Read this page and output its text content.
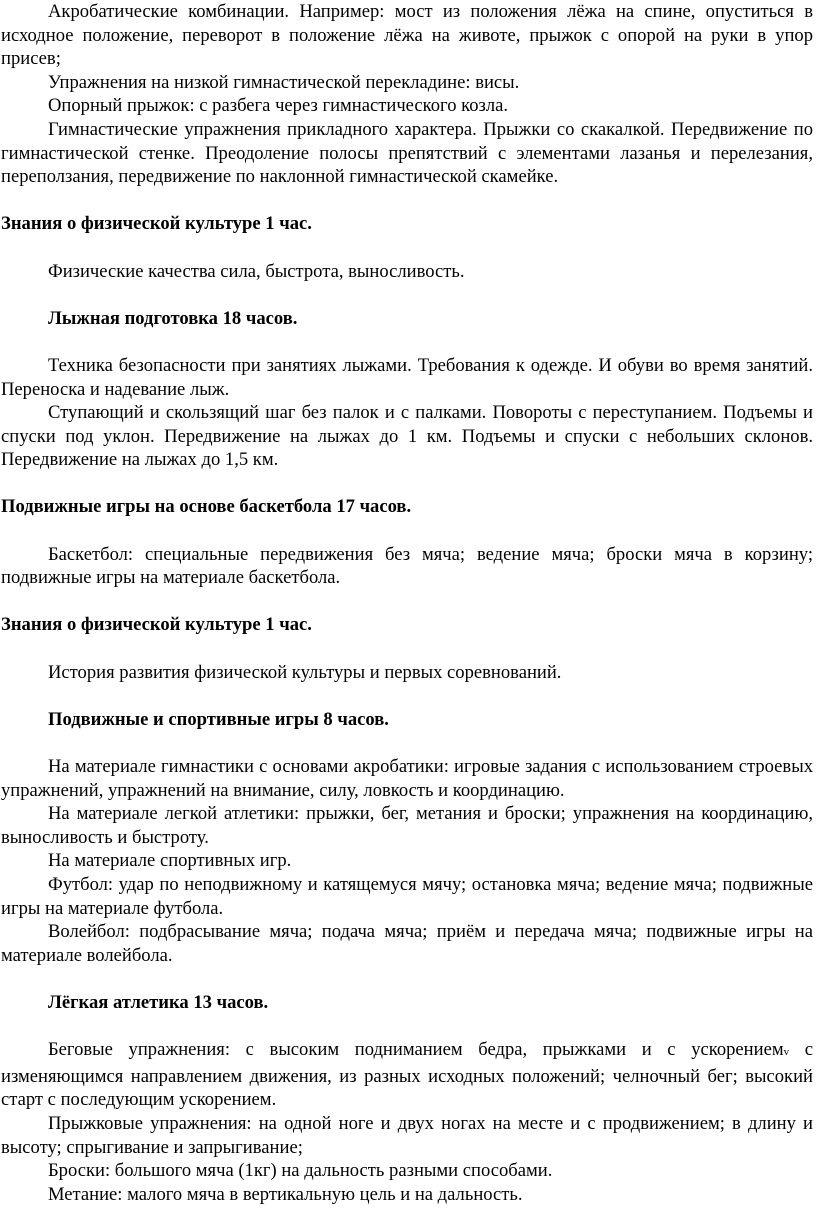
Акробатические комбинации. Например: мост из положения лёжа на спине, опуститься в исходное положение, переворот в положение лёжа на животе, прыжок с опорой на руки в упор присев;

Упражнения на низкой гимнастической перекладине: висы.

Опорный прыжок: с разбега через гимнастического козла.

Гимнастические упражнения прикладного характера. Прыжки со скакалкой. Передвижение по гимнастической стенке. Преодоление полосы препятствий с элементами лазанья и перелезания, переползания, передвижение по наклонной гимнастической скамейке.

Знания о физической культуре 1 час.

Физические качества сила, быстрота, выносливость.

Лыжная подготовка 18 часов.

Техника безопасности при занятиях лыжами. Требования к одежде. И обуви во время занятий. Переноска и надевание лыж.

Ступающий и скользящий шаг без палок и с палками. Повороты с переступанием. Подъемы и спуски под уклон. Передвижение на лыжах до 1 км. Подъемы и спуски с небольших склонов. Передвижение на лыжах до 1,5 км.

Подвижные игры на основе баскетбола 17 часов.

Баскетбол: специальные передвижения без мяча; ведение мяча; броски мяча в корзину; подвижные игры на материале баскетбола.

Знания о физической культуре 1 час.

История развития физической культуры и первых соревнований.

Подвижные и спортивные игры 8 часов.

На материале гимнастики с основами акробатики: игровые задания с использованием строевых упражнений, упражнений на внимание, силу, ловкость и координацию.

На материале легкой атлетики: прыжки, бег, метания и броски; упражнения на координацию, выносливость и быстроту.

На материале спортивных игр.

Футбол: удар по неподвижному и катящемуся мячу; остановка мяча; ведение мяча; подвижные игры на материале футбола.

Волейбол: подбрасывание мяча; подача мяча; приём и передача мяча; подвижные игры на материале волейбола.

Лёгкая атлетика 13 часов.

Беговые упражнения: с высоким подниманием бедра, прыжками и с ускорениемv с изменяющимся направлением движения, из разных исходных положений; челночный бег; высокий старт с последующим ускорением.

Прыжковые упражнения: на одной ноге и двух ногах на месте и с продвижением; в длину и высоту; спрыгивание и запрыгивание;

Броски: большого мяча (1кг) на дальность разными способами.

Метание: малого мяча в вертикальную цель и на дальность.
